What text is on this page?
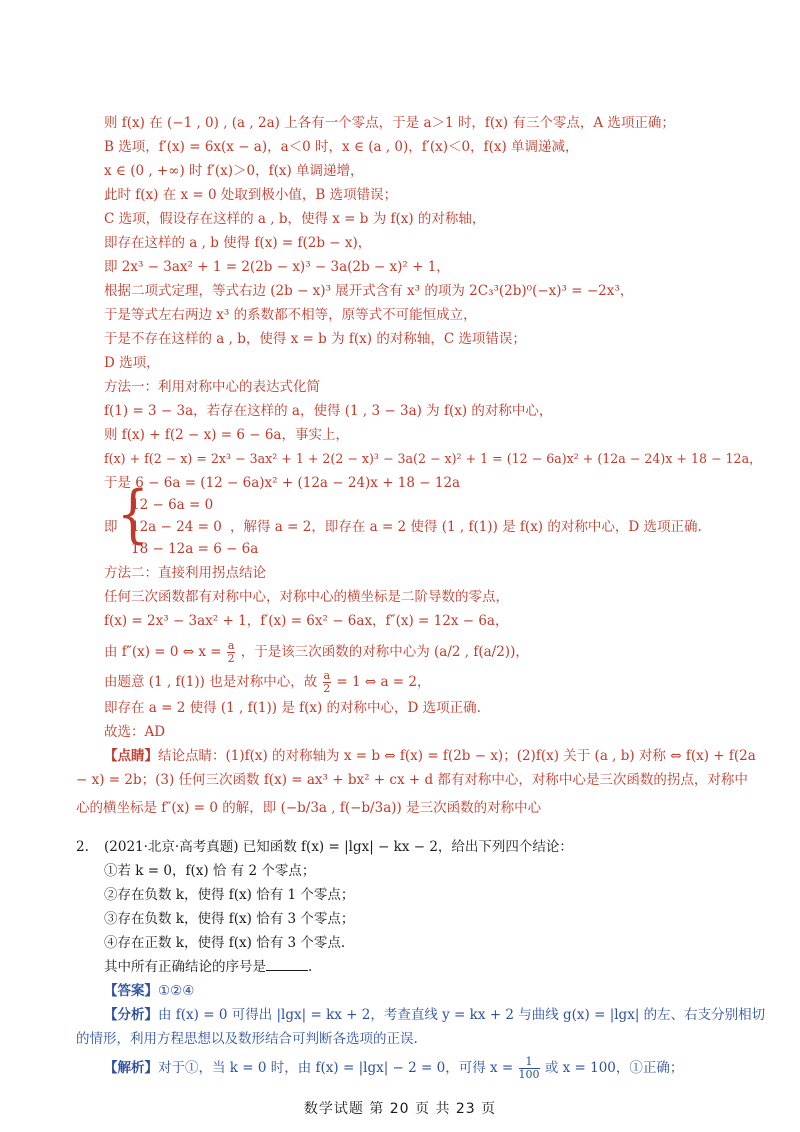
则 f(x) 在 (−1 , 0) , (a , 2a) 上各有一个零点，于是 a＞1 时，f(x) 有三个零点，A 选项正确；
B 选项，f′(x) = 6x(x − a)，a＜0 时，x ∈ (a , 0)，f′(x)＜0，f(x) 单调递减，
x ∈ (0 , +∞) 时 f′(x)＞0，f(x) 单调递增，
此时 f(x) 在 x = 0 处取到极小值，B 选项错误；
C 选项，假设存在这样的 a , b，使得 x = b 为 f(x) 的对称轴，
即存在这样的 a , b 使得 f(x) = f(2b − x)，
即 2x³ − 3ax² + 1 = 2(2b − x)³ − 3a(2b − x)² + 1，
根据二项式定理，等式右边 (2b − x)³ 展开式含有 x³ 的项为 2C₃³(2b)⁰(−x)³ = −2x³，
于是等式左右两边 x³ 的系数都不相等，原等式不可能恒成立，
于是不存在这样的 a , b，使得 x = b 为 f(x) 的对称轴，C 选项错误；
D 选项，
方法一：利用对称中心的表达式化简
f(1) = 3 − 3a，若存在这样的 a，使得 (1 , 3 − 3a) 为 f(x) 的对称中心，
则 f(x) + f(2 − x) = 6 − 6a，事实上，
f(x) + f(2 − x) = 2x³ − 3ax² + 1 + 2(2 − x)³ − 3a(2 − x)² + 1 = (12 − 6a)x² + (12a − 24)x + 18 − 12a，
于是 6 − 6a = (12 − 6a)x² + (12a − 24)x + 18 − 12a
即 {
12 − 6a = 0
12a − 24 = 0
18 − 12a = 6 − 6a
，解得 a = 2，即存在 a = 2 使得 (1 , f(1)) 是 f(x) 的对称中心，D 选项正确.
方法二：直接利用拐点结论
任何三次函数都有对称中心，对称中心的横坐标是二阶导数的零点，
f(x) = 2x³ − 3ax² + 1，f′(x) = 6x² − 6ax，f″(x) = 12x − 6a，
由 f″(x) = 0 ⇔ $x = \frac{a}{2}$ ，于是该三次函数的对称中心为 (a/2 , f(a/2))，
由题意 (1 , f(1)) 也是对称中心，故 $\frac{a}{2} = 1$ ⇔ a = 2，
即存在 a = 2 使得 (1 , f(1)) 是 f(x) 的对称中心，D 选项正确.
故选：AD
【点睛】结论点睛：(1)f(x) 的对称轴为 x = b ⇔ f(x) = f(2b − x)；(2)f(x) 关于 (a , b) 对称 ⇔ f(x) + f(2a
− x) = 2b；(3) 任何三次函数 f(x) = ax³ + bx² + cx + d 都有对称中心，对称中心是三次函数的拐点，对称中
心的横坐标是 f″(x) = 0 的解，即 (−b/3a , f(−b/3a)) 是三次函数的对称中心
2. (2021·北京·高考真题) 已知函数 f(x) = |lgx| − kx − 2，给出下列四个结论：
①若 k = 0，f(x) 恰 有 2 个零点；
②存在负数 k，使得 f(x) 恰有 1 个零点；
③存在负数 k，使得 f(x) 恰有 3 个零点；
④存在正数 k，使得 f(x) 恰有 3 个零点.
其中所有正确结论的序号是	.
【答案】①②④
【分析】由 f(x) = 0 可得出 |lgx| = kx + 2，考查直线 y = kx + 2 与曲线 g(x) = |lgx| 的左、右支分别相切
的情形，利用方程思想以及数形结合可判断各选项的正误.
【解析】对于①，当 k = 0 时，由 f(x) = |lgx| − 2 = 0，可得 $x = \frac{1}{100}$ 或 x = 100，①正确；
数学试题 第 20 页 共 23 页
